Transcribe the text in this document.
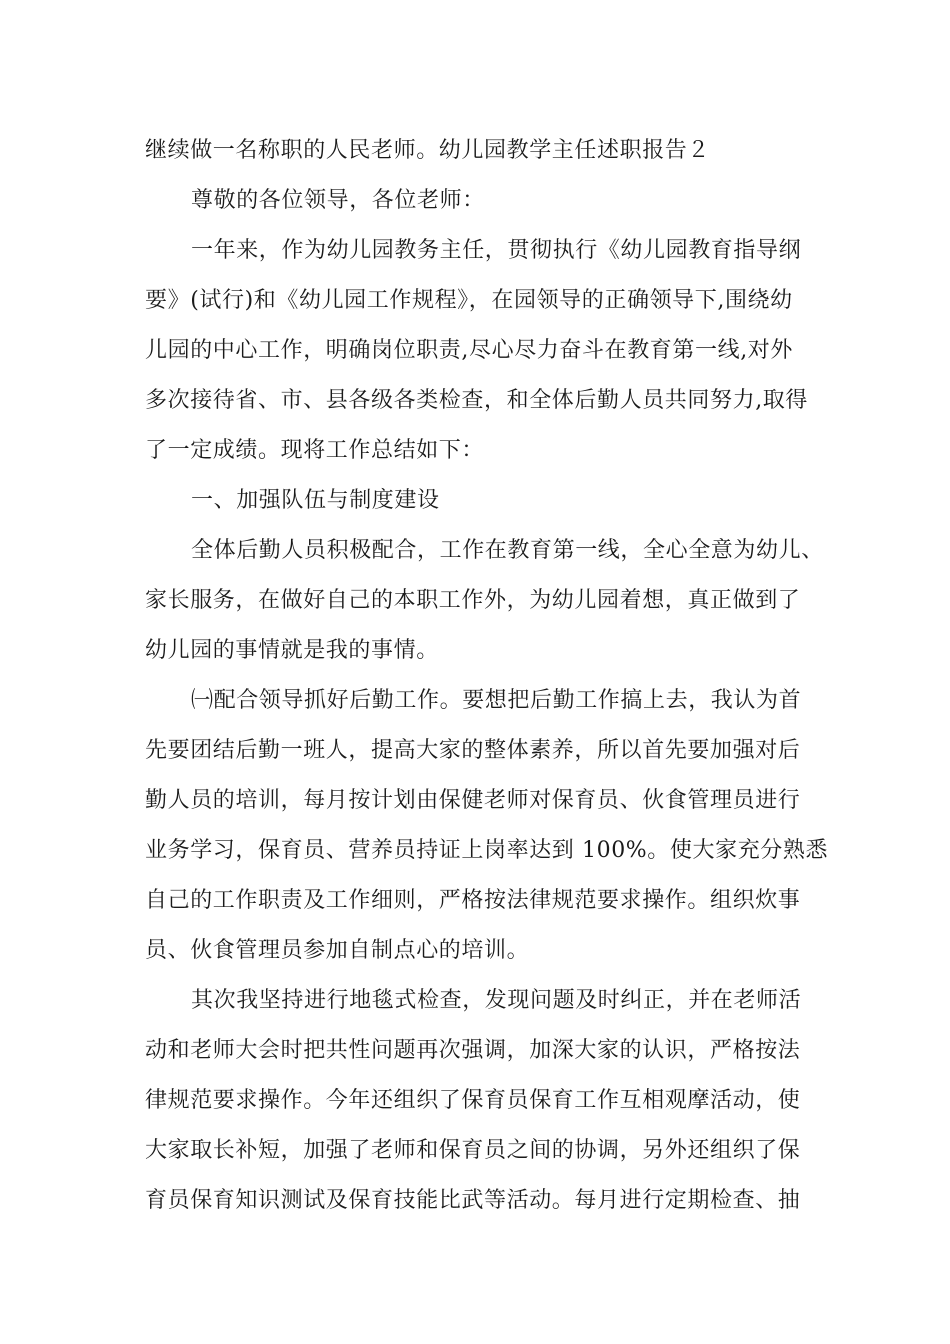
继续做一名称职的人民老师。幼儿园教学主任述职报告２
尊敬的各位领导，各位老师：
一年来，作为幼儿园教务主任，贯彻执行《幼儿园教育指导纲
要》(试行)和《幼儿园工作规程》，在园领导的正确领导下,围绕幼
儿园的中心工作，明确岗位职责,尽心尽力奋斗在教育第一线,对外
多次接待省、市、县各级各类检查，和全体后勤人员共同努力,取得
了一定成绩。现将工作总结如下：
一、加强队伍与制度建设
全体后勤人员积极配合，工作在教育第一线，全心全意为幼儿、
家长服务，在做好自己的本职工作外，为幼儿园着想，真正做到了
幼儿园的事情就是我的事情。
㈠配合领导抓好后勤工作。要想把后勤工作搞上去，我认为首
先要团结后勤一班人，提高大家的整体素养，所以首先要加强对后
勤人员的培训，每月按计划由保健老师对保育员、伙食管理员进行
业务学习，保育员、营养员持证上岗率达到 100%。使大家充分熟悉
自己的工作职责及工作细则，严格按法律规范要求操作。组织炊事
员、伙食管理员参加自制点心的培训。
其次我坚持进行地毯式检查，发现问题及时纠正，并在老师活
动和老师大会时把共性问题再次强调，加深大家的认识，严格按法
律规范要求操作。今年还组织了保育员保育工作互相观摩活动，使
大家取长补短，加强了老师和保育员之间的协调，另外还组织了保
育员保育知识测试及保育技能比武等活动。每月进行定期检查、抽
